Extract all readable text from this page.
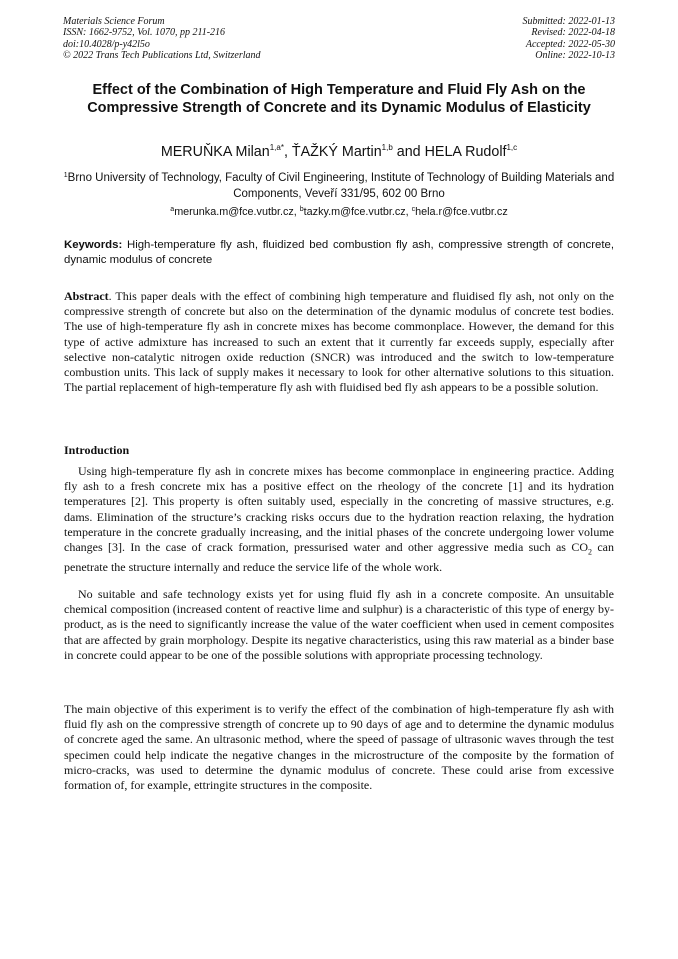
Materials Science Forum
ISSN: 1662-9752, Vol. 1070, pp 211-216
doi:10.4028/p-y42l5o
© 2022 Trans Tech Publications Ltd, Switzerland
Submitted: 2022-01-13
Revised: 2022-04-18
Accepted: 2022-05-30
Online: 2022-10-13
Effect of the Combination of High Temperature and Fluid Fly Ash on the Compressive Strength of Concrete and its Dynamic Modulus of Elasticity
MERUŇKA Milan$^{1,a*}$, ŤAŽKÝ Martin$^{1,b}$ and HELA Rudolf$^{1,c}$
$^1$Brno University of Technology, Faculty of Civil Engineering, Institute of Technology of Building Materials and Components, Veveří 331/95, 602 00 Brno
$^a$merunka.m@fce.vutbr.cz, $^b$tazky.m@fce.vutbr.cz, $^c$hela.r@fce.vutbr.cz
Keywords: High-temperature fly ash, fluidized bed combustion fly ash, compressive strength of concrete, dynamic modulus of concrete

Abstract. This paper deals with the effect of combining high temperature and fluidised fly ash, not only on the compressive strength of concrete but also on the determination of the dynamic modulus of concrete test bodies. The use of high-temperature fly ash in concrete mixes has become commonplace. However, the demand for this type of active admixture has increased to such an extent that it currently far exceeds supply, especially after selective non-catalytic nitrogen oxide reduction (SNCR) was introduced and the switch to low-temperature combustion units. This lack of supply makes it necessary to look for other alternative solutions to this situation. The partial replacement of high-temperature fly ash with fluidised bed fly ash appears to be a possible solution.

Introduction

Using high-temperature fly ash in concrete mixes has become commonplace in engineering practice. Adding fly ash to a fresh concrete mix has a positive effect on the rheology of the concrete [1] and its hydration temperatures [2]. This property is often suitably used, especially in the concreting of massive structures, e.g. dams. Elimination of the structure’s cracking risks occurs due to the hydration reaction relaxing, the hydration temperature in the concrete gradually increasing, and the initial phases of the concrete undergoing lower volume changes [3]. In the case of crack formation, pressurised water and other aggressive media such as $CO_2$ can penetrate the structure internally and reduce the service life of the whole work.

No suitable and safe technology exists yet for using fluid fly ash in a concrete composite. An unsuitable chemical composition (increased content of reactive lime and sulphur) is a characteristic of this type of energy by-product, as is the need to significantly increase the value of the water coefficient when used in cement composites that are affected by grain morphology. Despite its negative characteristics, using this raw material as a binder base in concrete could appear to be one of the possible solutions with appropriate processing technology.

The main objective of this experiment is to verify the effect of the combination of high-temperature fly ash with fluid fly ash on the compressive strength of concrete up to 90 days of age and to determine the dynamic modulus of concrete aged the same. An ultrasonic method, where the speed of passage of ultrasonic waves through the test specimen could help indicate the negative changes in the microstructure of the composite by the formation of micro-cracks, was used to determine the dynamic modulus of concrete. These could arise from excessive formation of, for example, ettringite structures in the composite.
